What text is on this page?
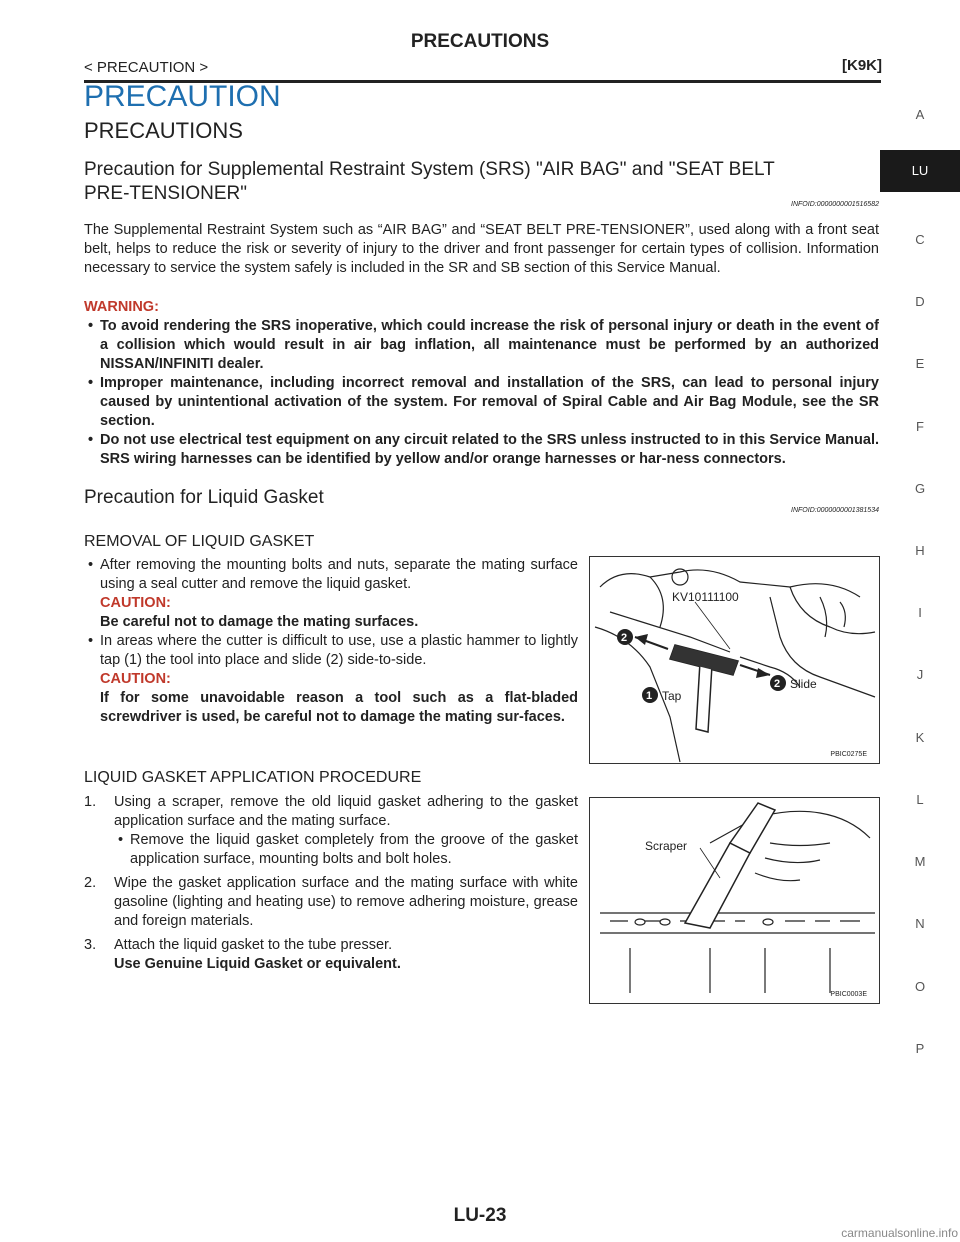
PRECAUTIONS
< PRECAUTION >	[K9K]
PRECAUTION
PRECAUTIONS
Precaution for Supplemental Restraint System (SRS) "AIR BAG" and "SEAT BELT
PRE-TENSIONER"
INFOID:0000000001516582
The Supplemental Restraint System such as “AIR BAG” and “SEAT BELT PRE-TENSIONER”, used along with a front seat belt, helps to reduce the risk or severity of injury to the driver and front passenger for certain types of collision. Information necessary to service the system safely is included in the SR and SB section of this Service Manual.
WARNING:
• To avoid rendering the SRS inoperative, which could increase the risk of personal injury or death in the event of a collision which would result in air bag inflation, all maintenance must be performed by an authorized NISSAN/INFINITI dealer.
• Improper maintenance, including incorrect removal and installation of the SRS, can lead to personal injury caused by unintentional activation of the system. For removal of Spiral Cable and Air Bag Module, see the SR section.
• Do not use electrical test equipment on any circuit related to the SRS unless instructed to in this Service Manual. SRS wiring harnesses can be identified by yellow and/or orange harnesses or har-ness connectors.
Precaution for Liquid Gasket
INFOID:0000000001381534
REMOVAL OF LIQUID GASKET
• After removing the mounting bolts and nuts, separate the mating surface using a seal cutter and remove the liquid gasket.
CAUTION:
Be careful not to damage the mating surfaces.
• In areas where the cutter is difficult to use, use a plastic hammer to lightly tap (1) the tool into place and slide (2) side-to-side.
CAUTION:
If for some unavoidable reason a tool such as a flat-bladed screwdriver is used, be careful not to damage the mating sur-faces.
KV10111100
2
1 Tap
2 Slide
PBIC0275E
LIQUID GASKET APPLICATION PROCEDURE
1. Using a scraper, remove the old liquid gasket adhering to the gasket application surface and the mating surface.
• Remove the liquid gasket completely from the groove of the gasket application surface, mounting bolts and bolt holes.
2. Wipe the gasket application surface and the mating surface with white gasoline (lighting and heating use) to remove adhering moisture, grease and foreign materials.
3. Attach the liquid gasket to the tube presser.
Use Genuine Liquid Gasket or equivalent.
Scraper
PBIC0003E
A
LU
C
D
E
F
G
H
I
J
K
L
M
N
O
P
LU-23
carmanualsonline.info
